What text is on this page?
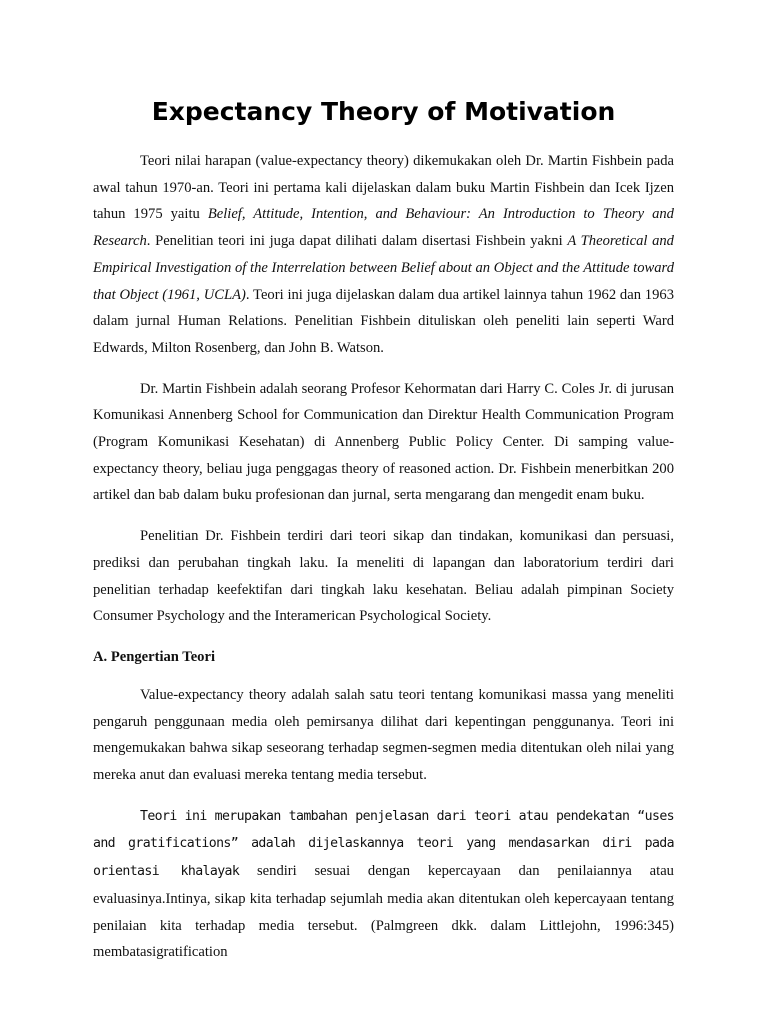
Expectancy Theory of Motivation

Teori nilai harapan (value-expectancy theory) dikemukakan oleh Dr. Martin Fishbein pada awal tahun 1970-an. Teori ini pertama kali dijelaskan dalam buku Martin Fishbein dan Icek Ijzen tahun 1975 yaitu Belief, Attitude, Intention, and Behaviour: An Introduction to Theory and Research. Penelitian teori ini juga dapat dilihati dalam disertasi Fishbein yakni A Theoretical and Empirical Investigation of the Interrelation between Belief about an Object and the Attitude toward that Object (1961, UCLA). Teori ini juga dijelaskan dalam dua artikel lainnya tahun 1962 dan 1963 dalam jurnal Human Relations. Penelitian Fishbein dituliskan oleh peneliti lain seperti Ward Edwards, Milton Rosenberg, dan John B. Watson.

Dr. Martin Fishbein adalah seorang Profesor Kehormatan dari Harry C. Coles Jr. di jurusan Komunikasi Annenberg School for Communication dan Direktur Health Communication Program (Program Komunikasi Kesehatan) di Annenberg Public Policy Center. Di samping value-expectancy theory, beliau juga penggagas theory of reasoned action. Dr. Fishbein menerbitkan 200 artikel dan bab dalam buku profesionan dan jurnal, serta mengarang dan mengedit enam buku.

Penelitian Dr. Fishbein terdiri dari teori sikap dan tindakan, komunikasi dan persuasi, prediksi dan perubahan tingkah laku. Ia meneliti di lapangan dan laboratorium terdiri dari penelitian terhadap keefektifan dari tingkah laku kesehatan. Beliau adalah pimpinan Society Consumer Psychology and the Interamerican Psychological Society.

A. Pengertian Teori

Value-expectancy theory adalah salah satu teori tentang komunikasi massa yang meneliti pengaruh penggunaan media oleh pemirsanya dilihat dari kepentingan penggunanya. Teori ini mengemukakan bahwa sikap seseorang terhadap segmen-segmen media ditentukan oleh nilai yang mereka anut dan evaluasi mereka tentang media tersebut.

Teori ini merupakan tambahan penjelasan dari teori atau pendekatan “uses and gratifications” adalah dijelaskannya teori yang mendasarkan diri pada orientasi khalayak sendiri sesuai dengan kepercayaan dan penilaiannya atau evaluasinya.Intinya, sikap kita terhadap sejumlah media akan ditentukan oleh kepercayaan tentang penilaian kita terhadap media tersebut. (Palmgreen dkk. dalam Littlejohn, 1996:345) membatasigratification
